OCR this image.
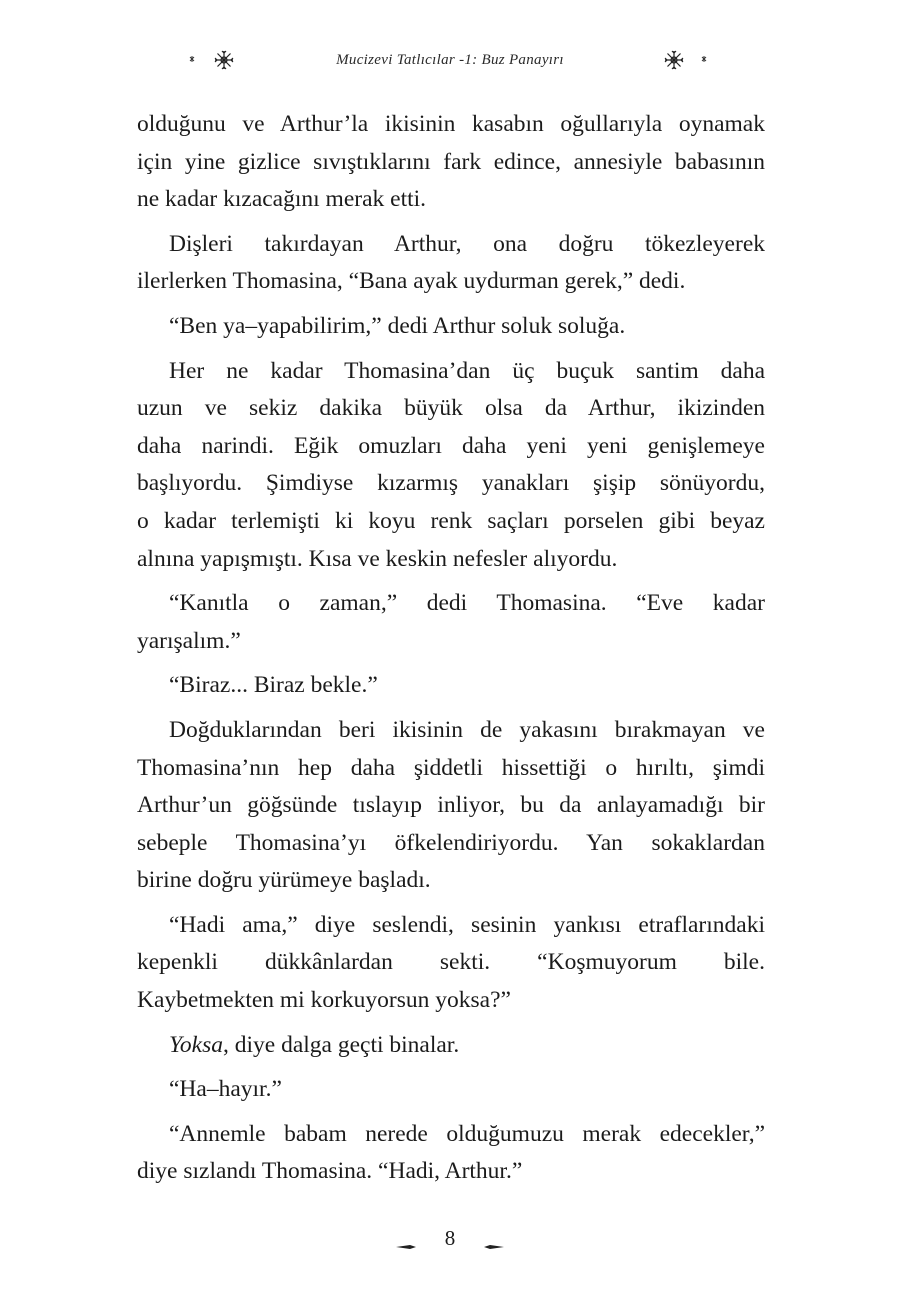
Mucizevi Tatlıcılar -1: Buz Panayırı

olduğunu ve Arthur’la ikisinin kasabın oğullarıyla oynamak
için yine gizlice sıvıştıklarını fark edince, annesiyle babasının
ne kadar kızacağını merak etti.

Dişleri takırdayan Arthur, ona doğru tökezleyerek
ilerlerken Thomasina, “Bana ayak uydurman gerek,” dedi.

“Ben ya–yapabilirim,” dedi Arthur soluk soluğa.

Her ne kadar Thomasina’dan üç buçuk santim daha
uzun ve sekiz dakika büyük olsa da Arthur, ikizinden
daha narindi. Eğik omuzları daha yeni yeni genişlemeye
başlıyordu. Şimdiyse kızarmış yanakları şişip sönüyordu,
o kadar terlemişti ki koyu renk saçları porselen gibi beyaz
alnına yapışmıştı. Kısa ve keskin nefesler alıyordu.

“Kanıtla o zaman,” dedi Thomasina. “Eve kadar
yarışalım.”

“Biraz... Biraz bekle.”

Doğduklarından beri ikisinin de yakasını bırakmayan ve
Thomasina’nın hep daha şiddetli hissettiği o hırıltı, şimdi
Arthur’un göğsünde tıslayıp inliyor, bu da anlayamadığı bir
sebeple Thomasina’yı öfkelendiriyordu. Yan sokaklardan
birine doğru yürümeye başladı.

“Hadi ama,” diye seslendi, sesinin yankısı etraflarındaki
kepenkli dükkânlardan sekti. “Koşmuyorum bile.
Kaybetmekten mi korkuyorsun yoksa?”

Yoksa, diye dalga geçti binalar.

“Ha–hayır.”

“Annemle babam nerede olduğumuzu merak edecekler,”
diye sızlandı Thomasina. “Hadi, Arthur.”

8
